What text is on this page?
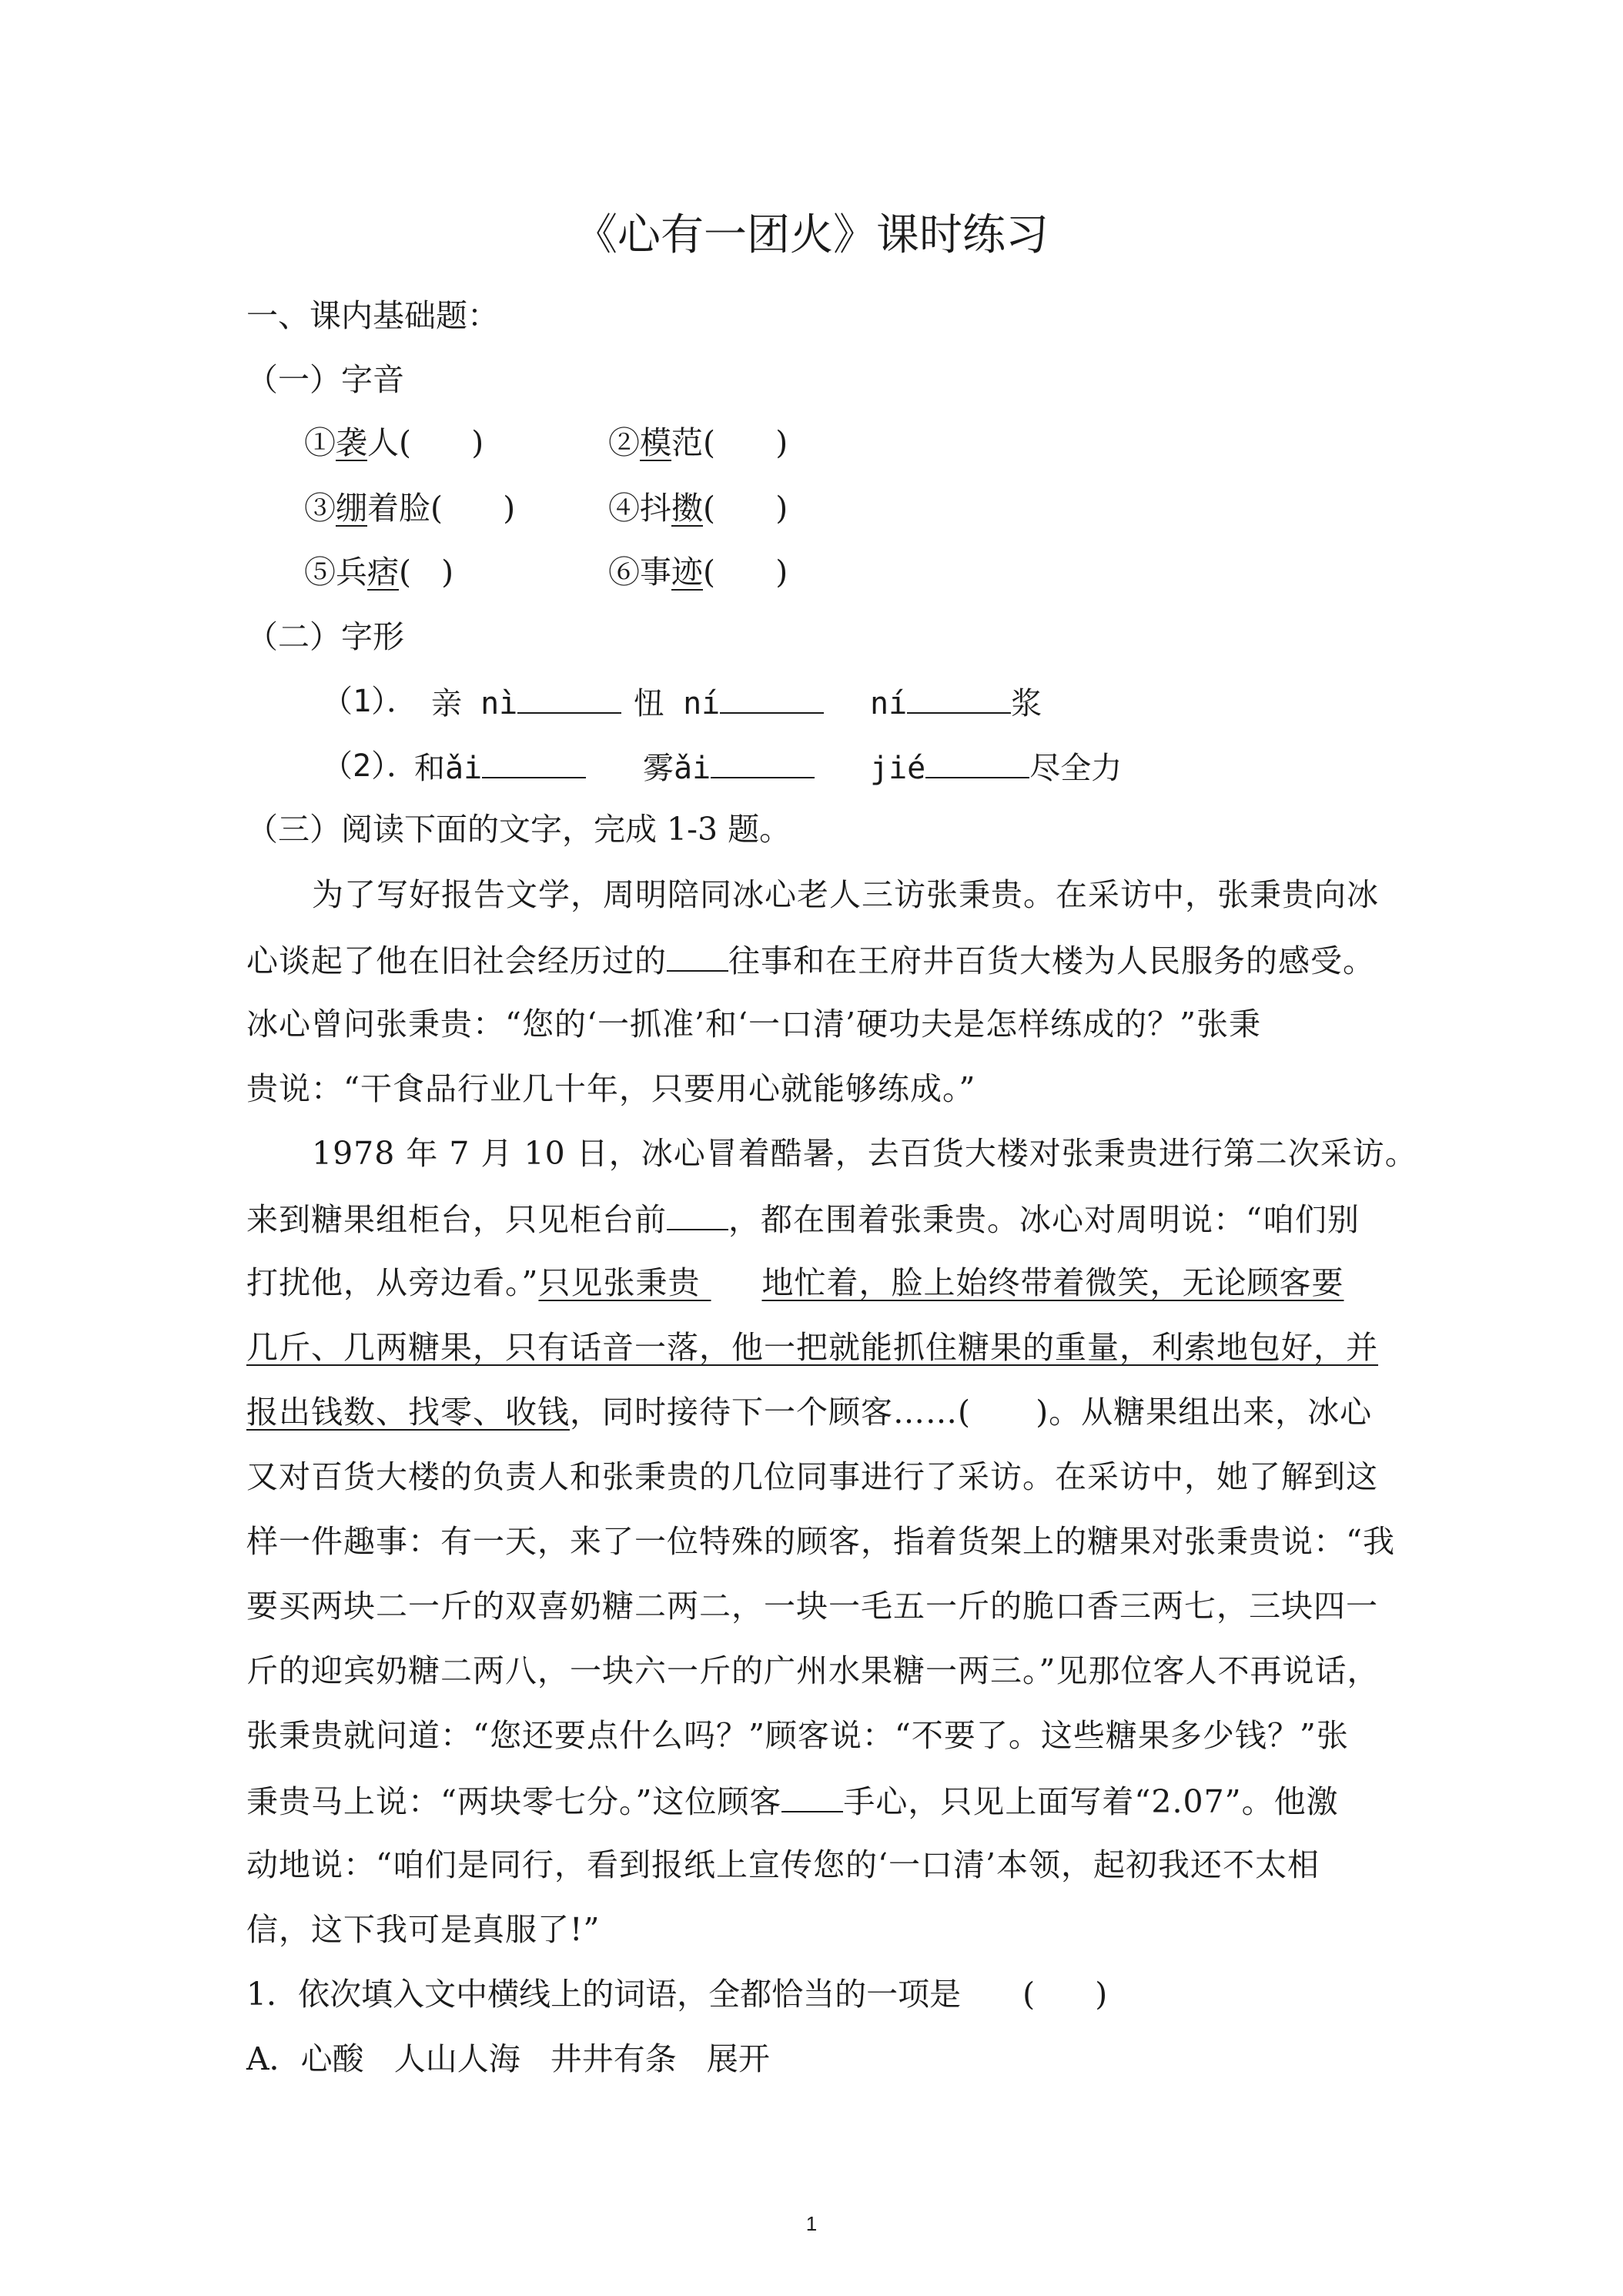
《心有一团火》课时练习
一、课内基础题：
（一）字音
①袭人(      )	②模范(      )
③绷着脸(      )	④抖擞(      )
⑤兵痞(   )	⑥事迹(      )
（二）字形
（1）． 亲 nì	忸 ní	ní	浆
（2）．
和ǎi	雾ǎi	jié	尽全力
（三）阅读下面的文字，完成 1-3 题。
为了写好报告文学，周明陪同冰心老人三访张秉贵。在采访中，张秉贵向冰
心谈起了他在旧社会经历过的 往事和在王府井百货大楼为人民服务的感受。
冰心曾问张秉贵：“您的‘一抓准’和‘一口清’硬功夫是怎样练成的？”张秉
贵说：“干食品行业几十年，只要用心就能够练成。”
1978 年 7 月 10 日，冰心冒着酷暑，去百货大楼对张秉贵进行第二次采访。
来到糖果组柜台，只见柜台前 ，都在围着张秉贵。冰心对周明说：“咱们别
打扰他，从旁边看。”只见张秉贵 地忙着，脸上始终带着微笑，无论顾客要
几斤、几两糖果，只有话音一落，他一把就能抓住糖果的重量，利索地包好，并
报出钱数、找零、收钱，同时接待下一个顾客……(      )。从糖果组出来，冰心
又对百货大楼的负责人和张秉贵的几位同事进行了采访。在采访中，她了解到这
样一件趣事：有一天，来了一位特殊的顾客，指着货架上的糖果对张秉贵说：“我
要买两块二一斤的双喜奶糖二两二，一块一毛五一斤的脆口香三两七，三块四一
斤的迎宾奶糖二两八，一块六一斤的广州水果糖一两三。”见那位客人不再说话，
张秉贵就问道：“您还要点什么吗？”顾客说：“不要了。这些糖果多少钱？”张
秉贵马上说：“两块零七分。”这位顾客 手心，只见上面写着“2.07”。他激
动地说：“咱们是同行，看到报纸上宣传您的‘一口清’本领，起初我还不太相
信，这下我可是真服了!”
1．依次填入文中横线上的词语，全都恰当的一项是 (      )
A．心酸   人山人海   井井有条   展开
1
